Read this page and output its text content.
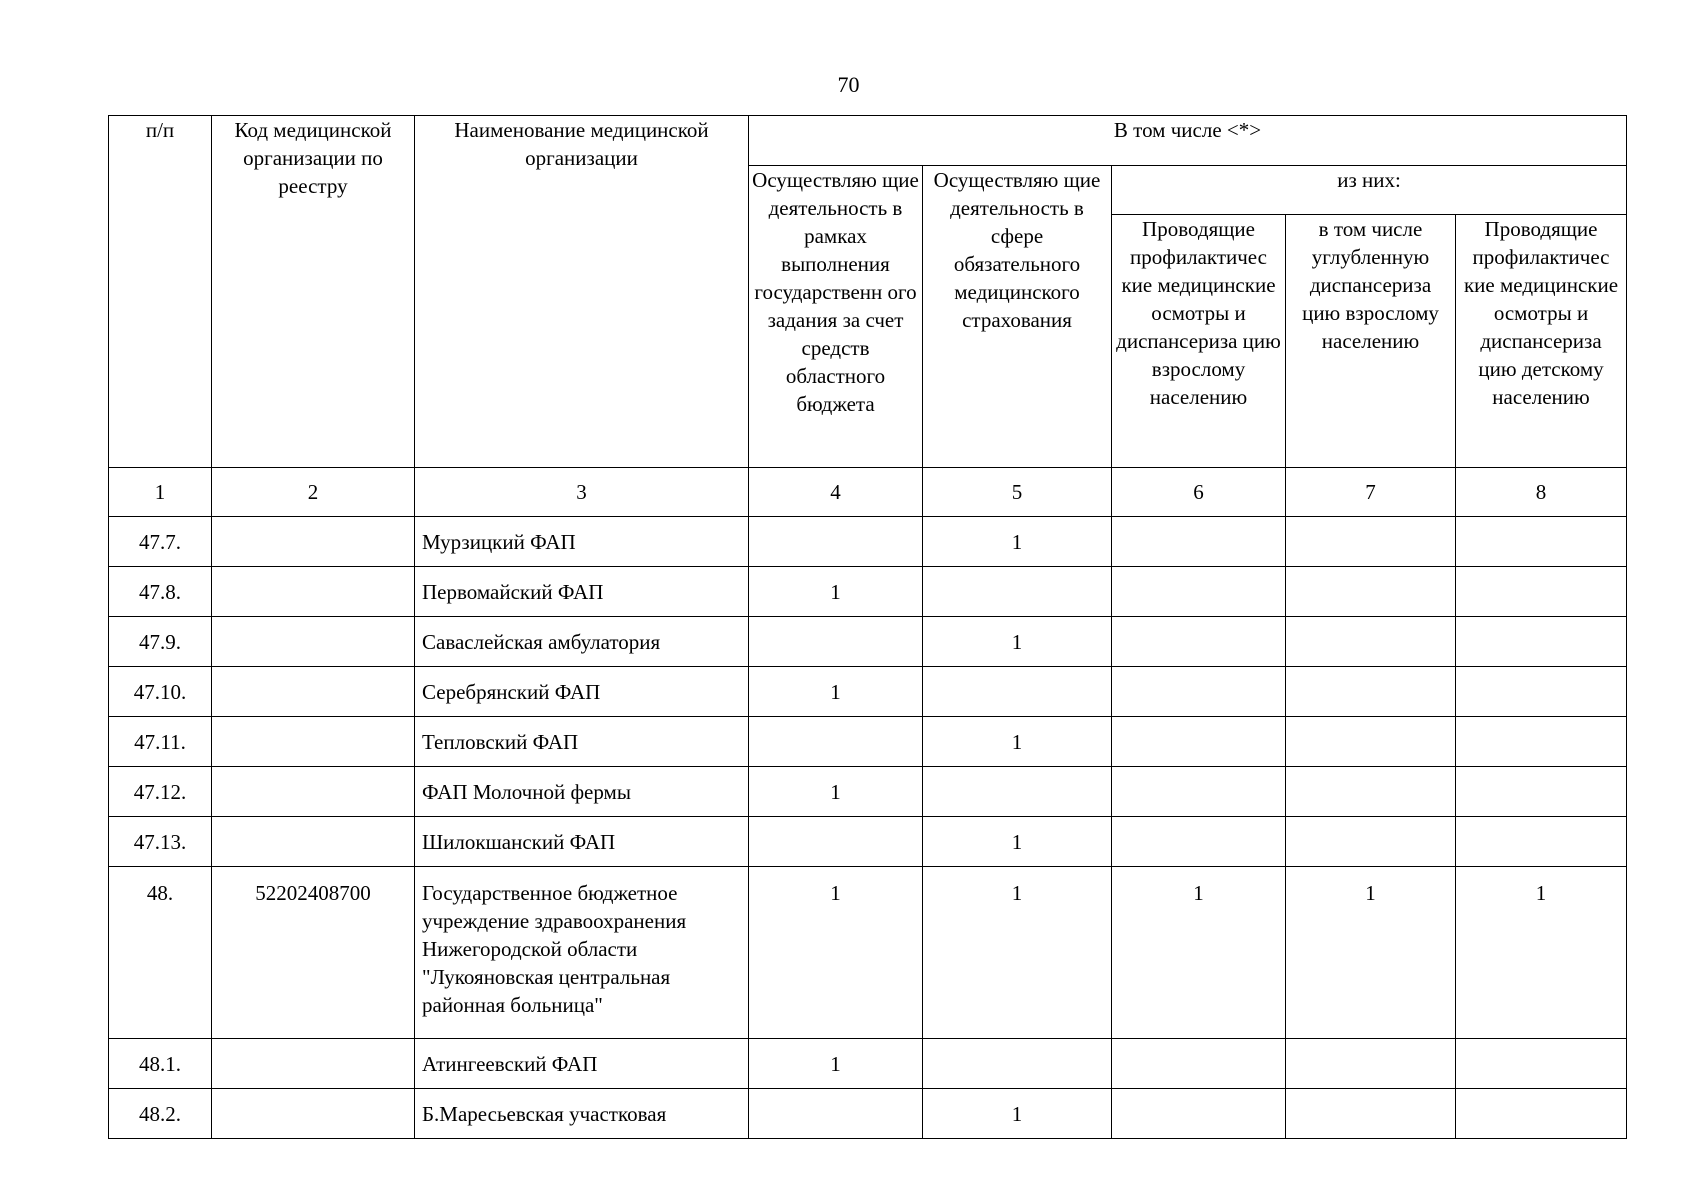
70
п/п	Код медицинской организации по реестру	Наименование медицинской организации	В том числе <*>				
			Осуществляю щие деятельность в рамках выполнения государственн ого задания за счет средств областного бюджета	Осуществляю щие деятельность в сфере обязательного медицинского страхования	из них:		
					Проводящие профилактичес кие медицинские осмотры и диспансериза цию взрослому населению	в том числе углубленную диспансериза цию взрослому населению	Проводящие профилактичес кие медицинские осмотры и диспансериза цию детскому населению
1	2	3	4	5	6	7	8
47.7.		Мурзицкий ФАП		1			
47.8.		Первомайский ФАП	1				
47.9.		Саваслейская амбулатория		1			
47.10.		Серебрянский ФАП	1				
47.11.		Тепловский ФАП		1			
47.12.		ФАП Молочной фермы	1				
47.13.		Шилокшанский ФАП		1			
48.	52202408700	Государственное бюджетное учреждение здравоохранения Нижегородской области "Лукояновская центральная районная больница"	1	1	1	1	1
48.1.		Атингеевский ФАП	1				
48.2.		Б.Маресьевская участковая		1			
